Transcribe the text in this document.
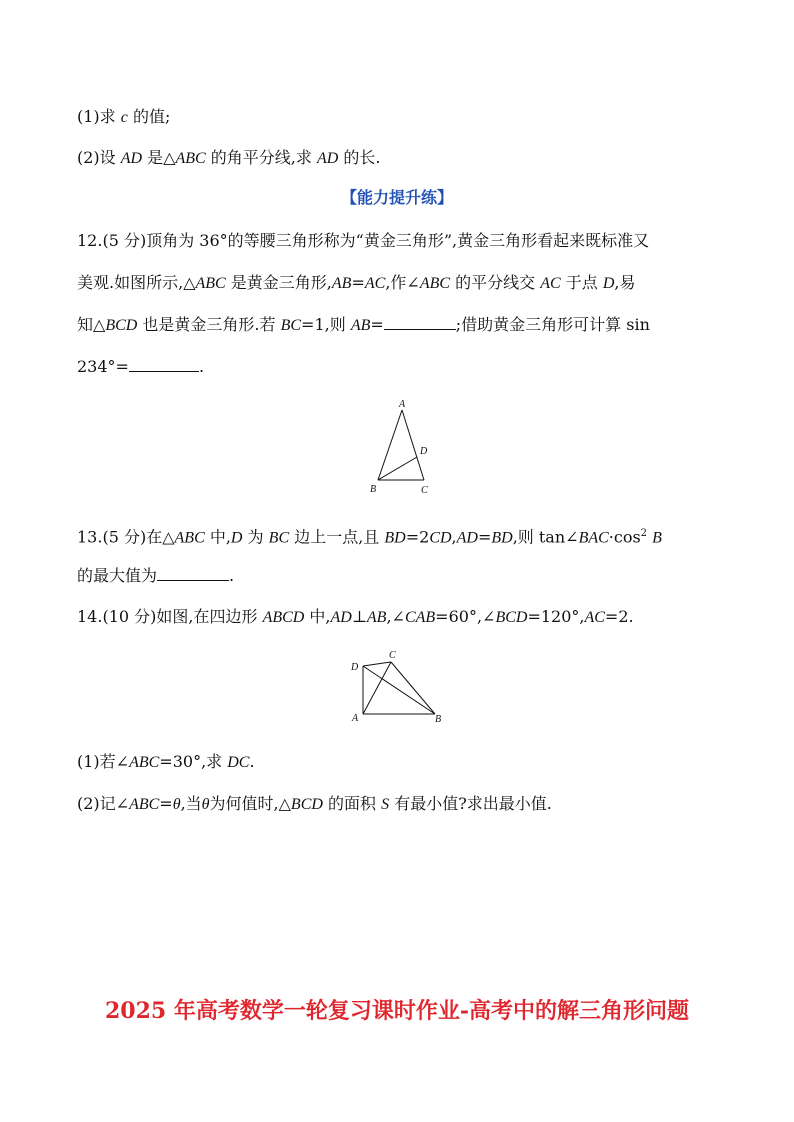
(1)求 c 的值;
(2)设 AD 是△ABC 的角平分线,求 AD 的长.
【能力提升练】
12.(5 分)顶角为 36°的等腰三角形称为“黄金三角形”,黄金三角形看起来既标准又
美观.如图所示,△ABC 是黄金三角形,AB=AC,作∠ABC 的平分线交 AC 于点 D,易
知△BCD 也是黄金三角形.若 BC=1,则 AB=	;借助黄金三角形可计算 sin
234°=	.
A
D
B	C
13.(5 分)在△ABC 中,D 为 BC 边上一点,且 BD=2CD,AD=BD,则 $\tan\angle BAC\cdot\cos^2$ B
的最大值为	.
14.(10 分)如图,在四边形 ABCD 中,AD⊥AB,∠CAB=60°,∠BCD=120°,AC=2.
C
D
A	B
(1)若∠ABC=30°,求 DC.
(2)记∠ABC=θ,当θ为何值时,△BCD 的面积 S 有最小值?求出最小值.
2025 年高考数学一轮复习课时作业-高考中的解三角形问题
